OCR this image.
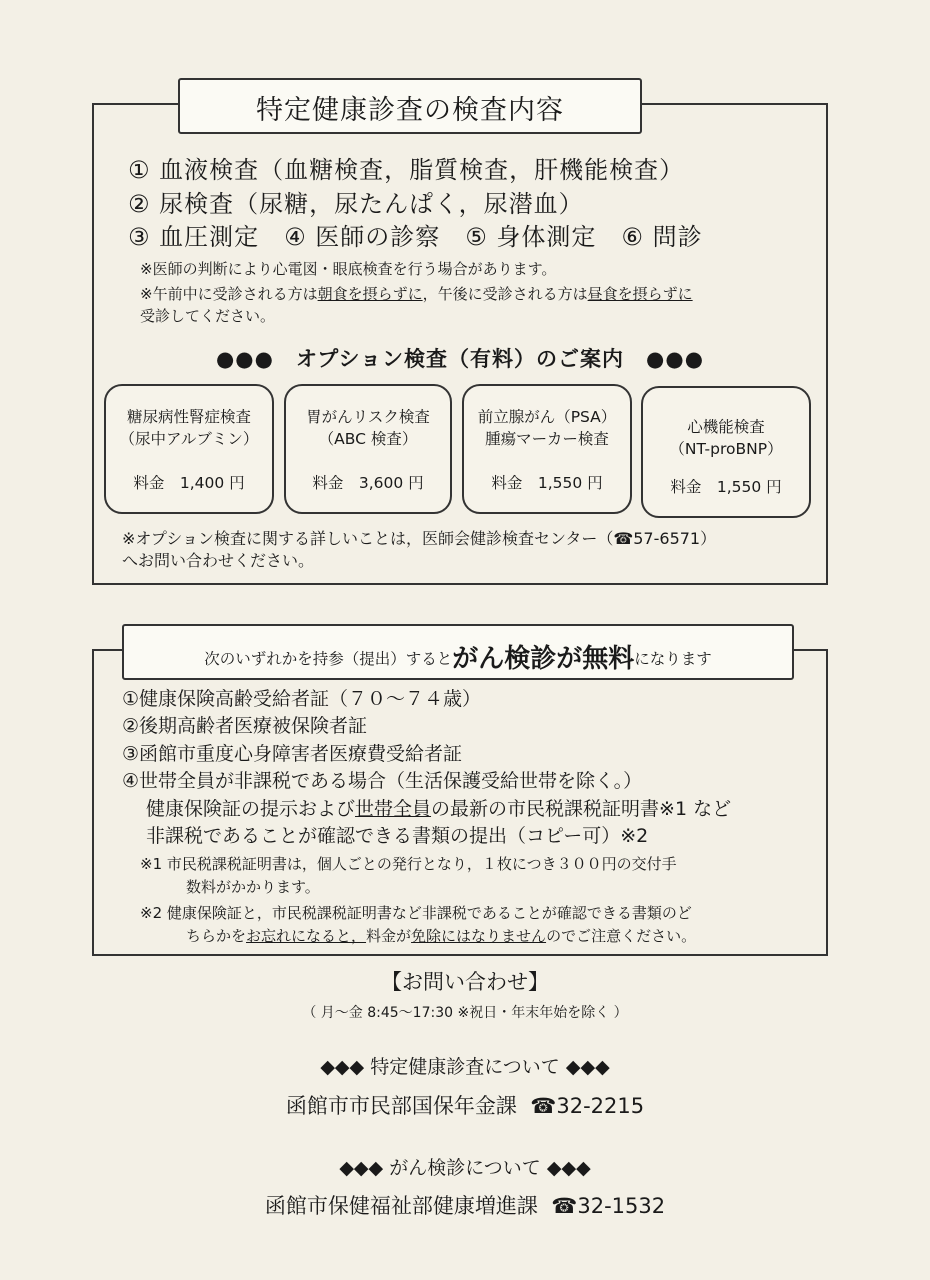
特定健康診査の検査内容
① 血液検査（血糖検査，脂質検査，肝機能検査）
② 尿検査（尿糖，尿たんぱく，尿潜血）
③ 血圧測定　④ 医師の診察　⑤ 身体測定　⑥ 問診
※医師の判断により心電図・眼底検査を行う場合があります。
※午前中に受診される方は朝食を摂らずに，午後に受診される方は昼食を摂らずに
受診してください。
●●●　オプション検査（有料）のご案内　●●●
糖尿病性腎症検査
（尿中アルブミン）
料金　1,400 円
胃がんリスク検査
（ABC 検査）
料金　3,600 円
前立腺がん（PSA）
腫瘍マーカー検査
料金　1,550 円
心機能検査
（NT-proBNP）
料金　1,550 円
※オプション検査に関する詳しいことは，医師会健診検査センター（☎57-6571）
へお問い合わせください。
次のいずれかを持参（提出）するとがん検診が無料になります
①健康保険高齢受給者証（７０～７４歳）
②後期高齢者医療被保険者証
③函館市重度心身障害者医療費受給者証
④世帯全員が非課税である場合（生活保護受給世帯を除く。）
健康保険証の提示および世帯全員の最新の市民税課税証明書※1 など
非課税であることが確認できる書類の提出（コピー可）※2
※1 市民税課税証明書は，個人ごとの発行となり，１枚につき３００円の交付手
数料がかかります。
※2 健康保険証と，市民税課税証明書など非課税であることが確認できる書類のど
ちらかをお忘れになると，料金が免除にはなりませんのでご注意ください。
【お問い合わせ】
（ 月～金 8:45～17:30 ※祝日・年末年始を除く ）
◆◆◆ 特定健康診査について ◆◆◆
函館市市民部国保年金課 ☎32-2215
◆◆◆ がん検診について ◆◆◆
函館市保健福祉部健康増進課 ☎32-1532
